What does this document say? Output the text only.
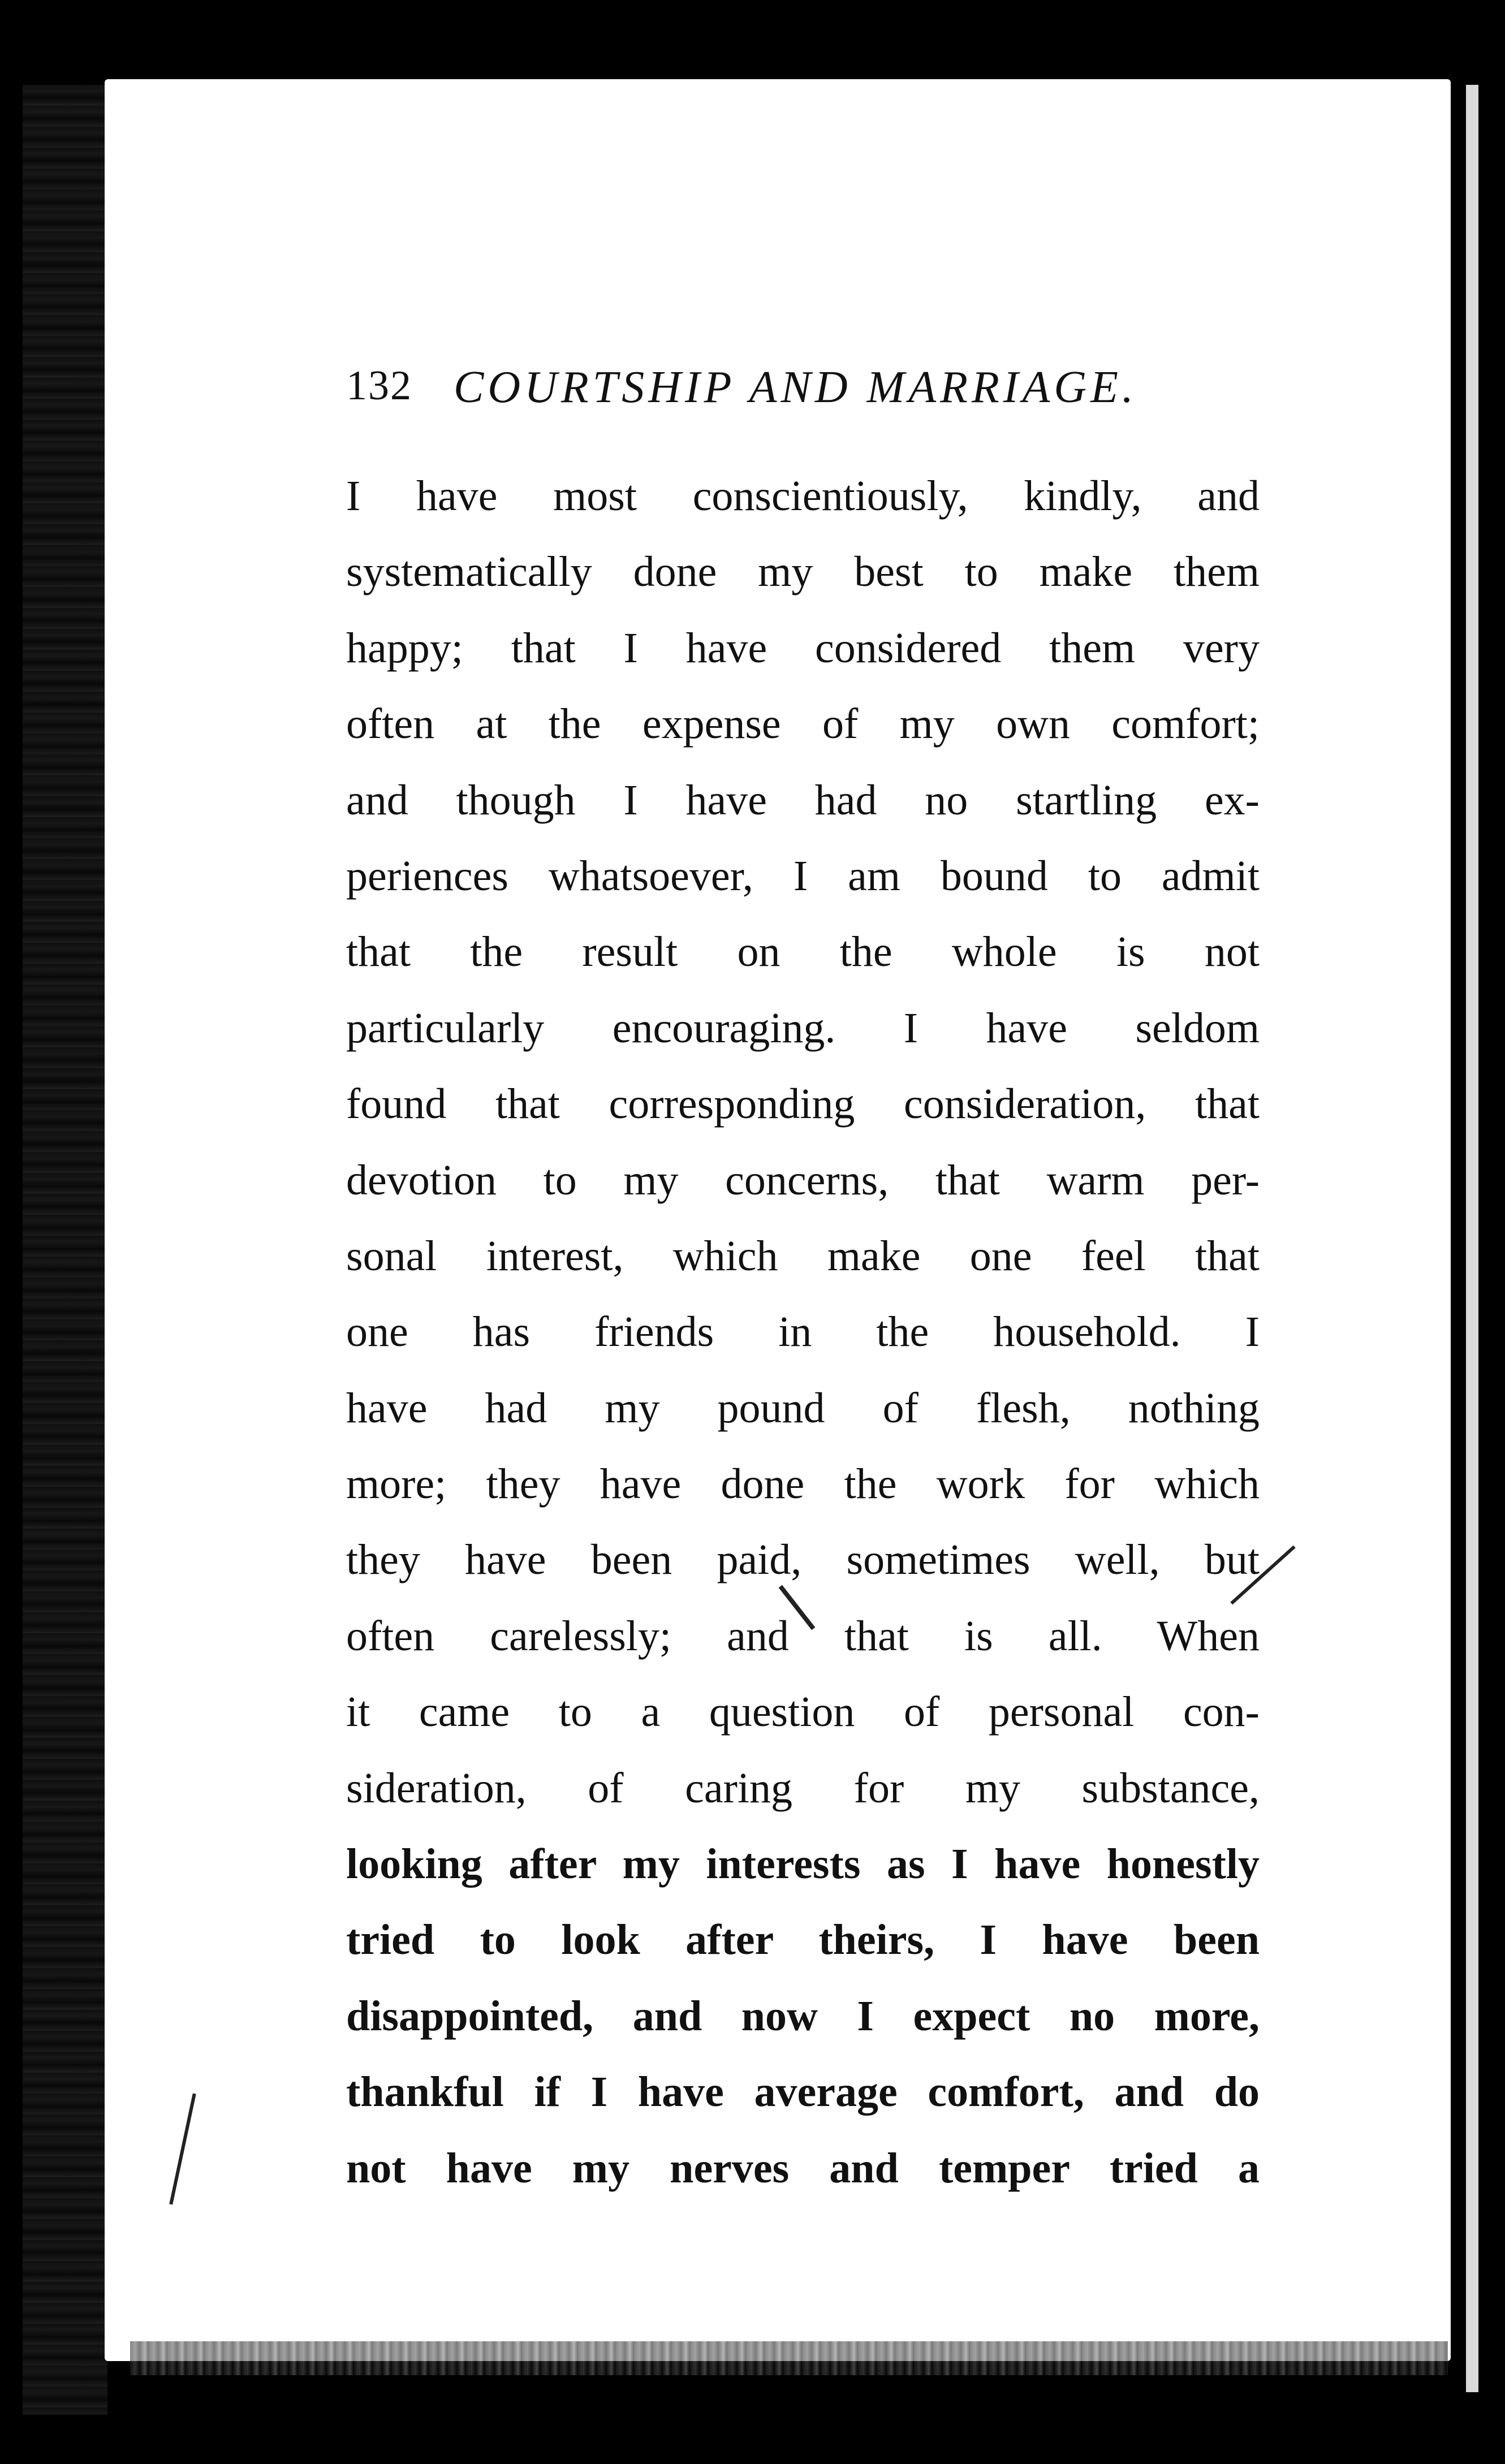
132 COURTSHIP AND MARRIAGE.
I have most conscientiously, kindly, and
systematically done my best to make them
happy; that I have considered them very
often at the expense of my own comfort;
and though I have had no startling ex-
periences whatsoever, I am bound to admit
that the result on the whole is not
particularly encouraging. I have seldom
found that corresponding consideration, that
devotion to my concerns, that warm per-
sonal interest, which make one feel that
one has friends in the household. I
have had my pound of flesh, nothing
more; they have done the work for which
they have been paid, sometimes well, but
often carelessly; and that is all. When
it came to a question of personal con-
sideration, of caring for my substance,
looking after my interests as I have honestly
tried to look after theirs, I have been
disappointed, and now I expect no more,
thankful if I have average comfort, and do
not have my nerves and temper tried a
